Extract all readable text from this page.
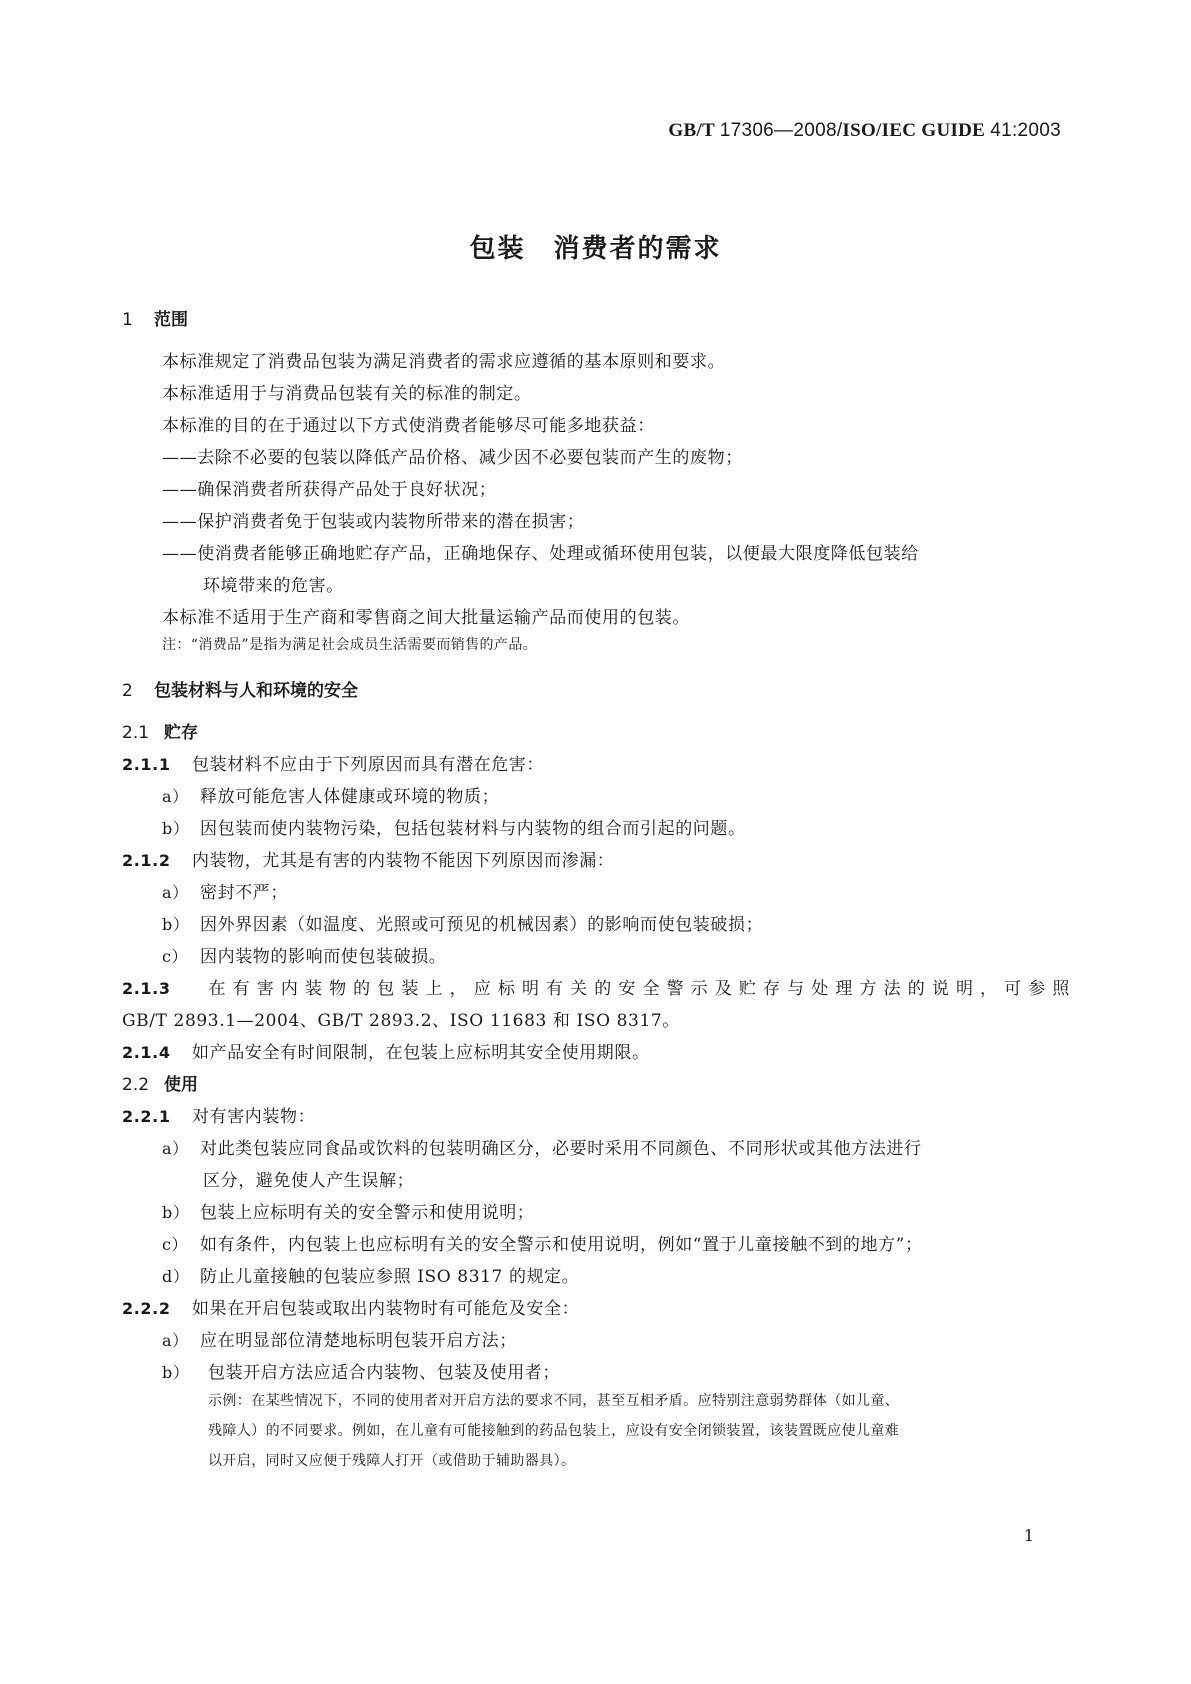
GB/T 17306—2008/ISO/IEC GUIDE 41:2003
包装　消费者的需求
1 范围
本标准规定了消费品包装为满足消费者的需求应遵循的基本原则和要求。
本标准适用于与消费品包装有关的标准的制定。
本标准的目的在于通过以下方式使消费者能够尽可能多地获益：
——去除不必要的包装以降低产品价格、减少因不必要包装而产生的废物；
——确保消费者所获得产品处于良好状况；
——保护消费者免于包装或内装物所带来的潜在损害；
——使消费者能够正确地贮存产品，正确地保存、处理或循环使用包装，以便最大限度降低包装给
环境带来的危害。
本标准不适用于生产商和零售商之间大批量运输产品而使用的包装。
注：“消费品”是指为满足社会成员生活需要而销售的产品。
2 包装材料与人和环境的安全
2.1 贮存
2.1.1 包装材料不应由于下列原因而具有潜在危害：
a） 释放可能危害人体健康或环境的物质；
b） 因包装而使内装物污染，包括包装材料与内装物的组合而引起的问题。
2.1.2 内装物，尤其是有害的内装物不能因下列原因而渗漏：
a） 密封不严；
b） 因外界因素（如温度、光照或可预见的机械因素）的影响而使包装破损；
c） 因内装物的影响而使包装破损。
2.1.3 在有害内装物的包装上，应标明有关的安全警示及贮存与处理方法的说明，可参照
GB/T 2893.1—2004、GB/T 2893.2、ISO 11683 和 ISO 8317。
2.1.4 如产品安全有时间限制，在包装上应标明其安全使用期限。
2.2 使用
2.2.1 对有害内装物：
a） 对此类包装应同食品或饮料的包装明确区分，必要时采用不同颜色、不同形状或其他方法进行
区分，避免使人产生误解；
b） 包装上应标明有关的安全警示和使用说明；
c） 如有条件，内包装上也应标明有关的安全警示和使用说明，例如“置于儿童接触不到的地方”；
d） 防止儿童接触的包装应参照 ISO 8317 的规定。
2.2.2 如果在开启包装或取出内装物时有可能危及安全：
a） 应在明显部位清楚地标明包装开启方法；
b） 包装开启方法应适合内装物、包装及使用者；
示例：在某些情况下，不同的使用者对开启方法的要求不同，甚至互相矛盾。应特别注意弱势群体（如儿童、
残障人）的不同要求。例如，在儿童有可能接触到的药品包装上，应设有安全闭锁装置，该装置既应使儿童难
以开启，同时又应便于残障人打开（或借助于辅助器具）。
1
